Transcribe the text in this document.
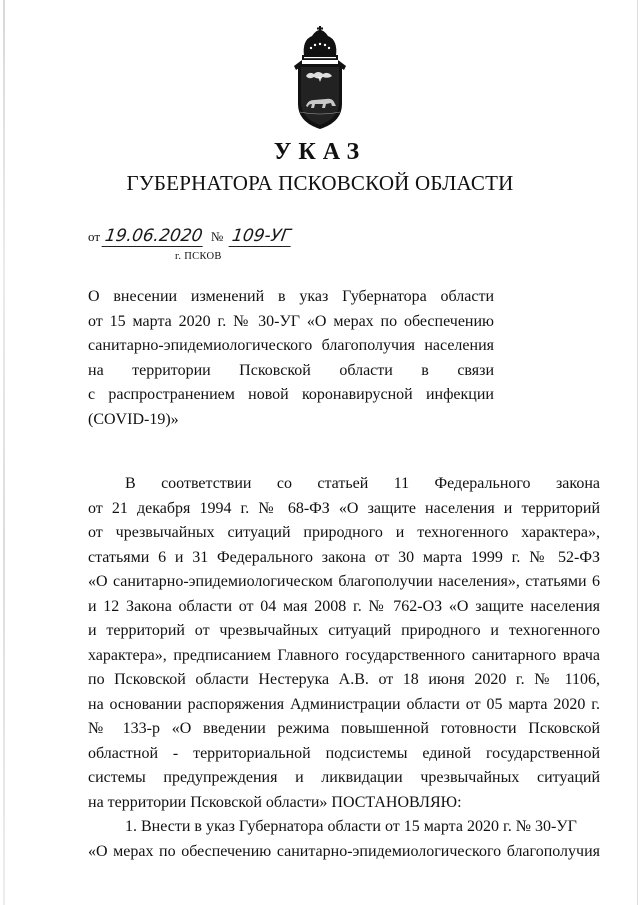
УКАЗ
ГУБЕРНАТОРА ПСКОВСКОЙ ОБЛАСТИ
от 19.06.2020 № 109-УГ
г. ПСКОВ
О внесении изменений в указ Губернатора области
от 15 марта 2020 г. № 30-УГ «О мерах по обеспечению
санитарно-эпидемиологического благополучия населения
на территории Псковской области в связи
с распространением новой коронавирусной инфекции
(COVID-19)»
В соответствии со статьей 11 Федерального закона
от 21 декабря 1994 г. № 68-ФЗ «О защите населения и территорий
от чрезвычайных ситуаций природного и техногенного характера»,
статьями 6 и 31 Федерального закона от 30 марта 1999 г. № 52-ФЗ
«О санитарно-эпидемиологическом благополучии населения», статьями 6
и 12 Закона области от 04 мая 2008 г. № 762-ОЗ «О защите населения
и территорий от чрезвычайных ситуаций природного и техногенного
характера», предписанием Главного государственного санитарного врача
по Псковской области Нестерука А.В. от 18 июня 2020 г. № 1106,
на основании распоряжения Администрации области от 05 марта 2020 г.
№ 133-р «О введении режима повышенной готовности Псковской
областной - территориальной подсистемы единой государственной
системы предупреждения и ликвидации чрезвычайных ситуаций
на территории Псковской области» ПОСТАНОВЛЯЮ:
1. Внести в указ Губернатора области от 15 марта 2020 г. № 30-УГ
«О мерах по обеспечению санитарно-эпидемиологического благополучия
